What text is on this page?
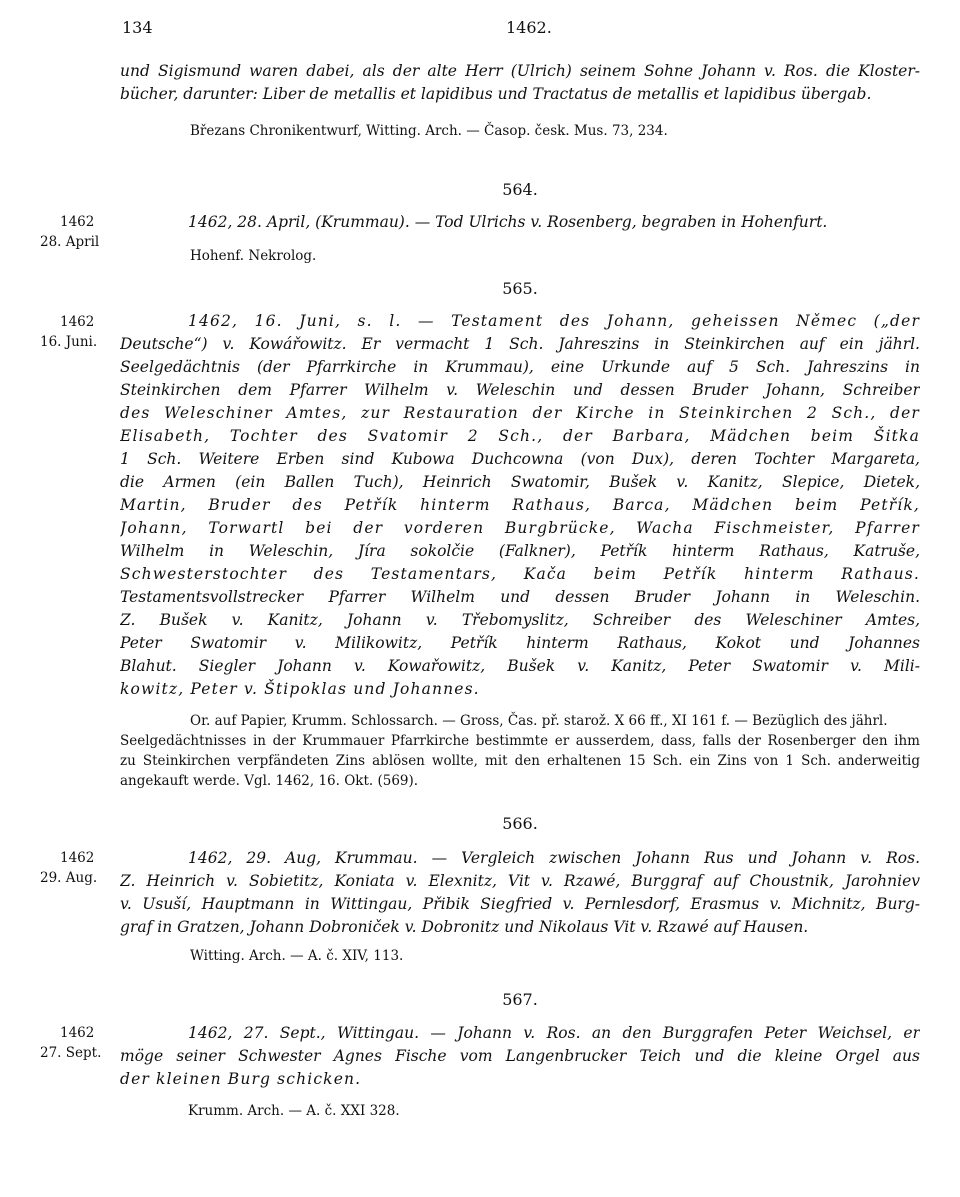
134	1462.
und Sigismund waren dabei, als der alte Herr (Ulrich) seinem Sohne Johann v. Ros. die Kloster-
bücher, darunter: Liber de metallis et lapidibus und Tractatus de metallis et lapidibus übergab.
Březans Chronikentwurf, Witting. Arch. — Časop. česk. Mus. 73, 234.
564.
1462
28. April
1462, 28. April, (Krummau). — Tod Ulrichs v. Rosenberg, begraben in Hohenfurt.
Hohenf. Nekrolog.
565.
1462
16. Juni.
1462, 16. Juni, s. l. — Testament des Johann, geheissen Němec („der
Deutsche“) v. Kowářowitz. Er vermacht 1 Sch. Jahreszins in Steinkirchen auf ein jährl.
Seelgedächtnis (der Pfarrkirche in Krummau), eine Urkunde auf 5 Sch. Jahreszins in
Steinkirchen dem Pfarrer Wilhelm v. Weleschin und dessen Bruder Johann, Schreiber
des Weleschiner Amtes, zur Restauration der Kirche in Steinkirchen 2 Sch., der
Elisabeth, Tochter des Svatomir 2 Sch., der Barbara, Mädchen beim Šitka
1 Sch. Weitere Erben sind Kubowa Duchcowna (von Dux), deren Tochter Margareta,
die Armen (ein Ballen Tuch), Heinrich Swatomir, Bušek v. Kanitz, Slepice, Dietek,
Martin, Bruder des Petřík hinterm Rathaus, Barca, Mädchen beim Petřík,
Johann, Torwartl bei der vorderen Burgbrücke, Wacha Fischmeister, Pfarrer
Wilhelm in Weleschin, Jíra sokolčie (Falkner), Petřík hinterm Rathaus, Katruše,
Schwesterstochter des Testamentars, Kača beim Petřík hinterm Rathaus.
Testamentsvollstrecker Pfarrer Wilhelm und dessen Bruder Johann in Weleschin.
Z. Bušek v. Kanitz, Johann v. Třebomyslitz, Schreiber des Weleschiner Amtes,
Peter Swatomir v. Milikowitz, Petřík hinterm Rathaus, Kokot und Johannes
Blahut. Siegler Johann v. Kowařowitz, Bušek v. Kanitz, Peter Swatomir v. Mili-
kowitz, Peter v. Štipoklas und Johannes.
Or. auf Papier, Krumm. Schlossarch. — Gross, Čas. př. starož. X 66 ff., XI 161 f. — Bezüglich des jährl.
Seelgedächtnisses in der Krummauer Pfarrkirche bestimmte er ausserdem, dass, falls der Rosenberger den ihm
zu Steinkirchen verpfändeten Zins ablösen wollte, mit den erhaltenen 15 Sch. ein Zins von 1 Sch. anderweitig
angekauft werde. Vgl. 1462, 16. Okt. (569).
566.
1462
29. Aug.
1462, 29. Aug, Krummau. — Vergleich zwischen Johann Rus und Johann v. Ros.
Z. Heinrich v. Sobietitz, Koniata v. Elexnitz, Vit v. Rzawé, Burggraf auf Choustnik, Jarohniev
v. Usuší, Hauptmann in Wittingau, Přibik Siegfried v. Pernlesdorf, Erasmus v. Michnitz, Burg-
graf in Gratzen, Johann Dobroniček v. Dobronitz und Nikolaus Vit v. Rzawé auf Hausen.
Witting. Arch. — A. č. XIV, 113.
567.
1462
27. Sept.
1462, 27. Sept., Wittingau. — Johann v. Ros. an den Burggrafen Peter Weichsel, er
möge seiner Schwester Agnes Fische vom Langenbrucker Teich und die kleine Orgel aus
der kleinen Burg schicken.
Krumm. Arch. — A. č. XXI 328.
